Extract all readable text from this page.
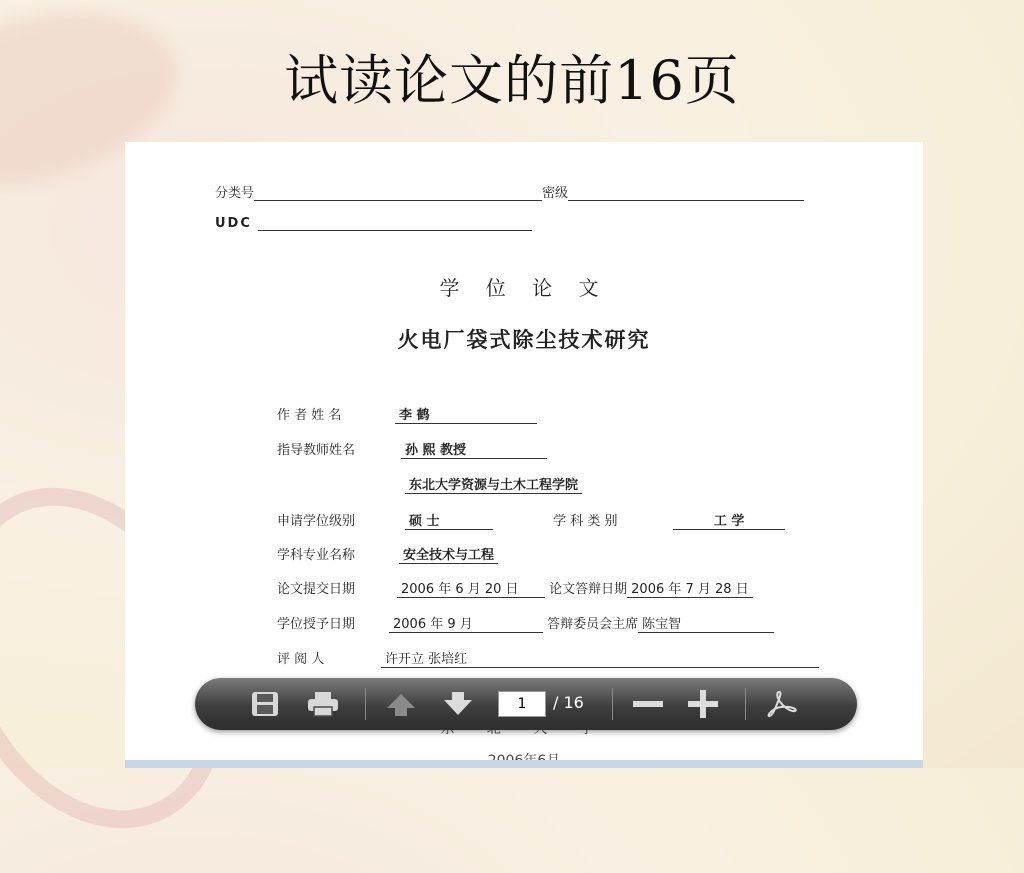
试读论文的前16页
分类号	密级
UDC
学 位 论 文
火电厂袋式除尘技术研究
作 者 姓 名	李 鹤
指导教师姓名	孙 熙 教授
东北大学资源与土木工程学院
申请学位级别	硕 士	学 科 类 别	工 学
学科专业名称	安全技术与工程
论文提交日期	2006 年 6 月 20 日 论文答辩日期 2006 年 7 月 28 日
学位授予日期	2006 年 9 月	答辩委员会主席 陈宝智
评 阅 人	许开立 张培红
1	/ 16
